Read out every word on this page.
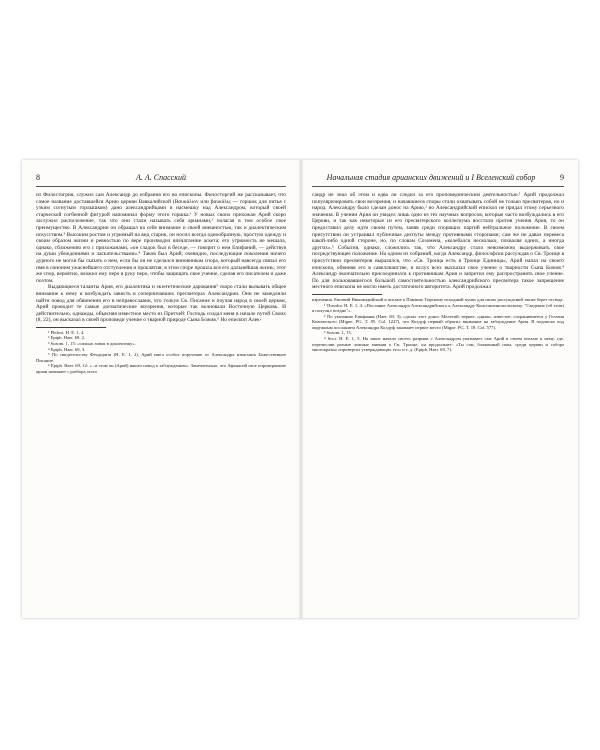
8	А. А. Спасский

из Филостогрия, служил сам Александр до избрания его во епископы. Филосторгий же рассказывает, что самое название доставшейся Арию церкви Вавкалийской (Βαυκάλιον или βαυκάλις — горшок для питья с узким согнутым горлышком) дано александрийцами в насмешку над Александром, который своей старческой согбенной фигурой напоминал форму этого горшка.¹ У новых своих прихожан Арий скоро заслужил расположение, так что они стали называть себя арианами,² полагая в том особое свое преимущество. В Александрии он обращал на себя внимание и своей внешностью, так и диалектическим искусством.³ Высоким ростом и угрюмый на вид старик, он носил всегда однообразную, простую одежду и своим образом жизни и ревностью по вере производил впечатление аскета; его угрюмость не мешала, однако, сближению его с прихожанами, «он сладок был в беседе, — говорит о нем Епифаний, — действуя на души убеждениями и ласкательствами».⁴ Таков был Арий; очевидно, последующие поколения ничего дурного не могли бы сказать о нем, если бы он не сделался виновником спора, который навсегда связал его имя в синоним ужаснейшего отступления и проклятия; в этом споре прошла вся его дальнейшая жизнь; этот же спор, вероятно, вложил ему перо в руку перо, чтобы защищать свое учение, сделав его писателем и даже поэтом.

Выдающиеся таланты Ария, его диалектика и экзегетические дарования⁵ скоро стали вызывать общее внимание к нему и возбуждать зависть в соперничавших пресвитерах Александрии. Они не замедлили найти повод для обвинения его в неправославии, что толкуя Св. Писание и поучая народ в своей церкви, Арий проводит те самые догматические воззрения, которые так волновали Восточную Церковь. И действительно, однажды, объясняя известное место из Притчей: Господь создал меня в начале путей Своих (8, 22), он высказал в своей проповеди учение о тварной природе Сына Божия.⁶ Но епископ Алек-

¹ Philost. H. E. 1, 4.
² Epiph. Haer. 69, 2.
³ Sozom. 1, 15: «сильно ловок в диалектику».
⁴ Epiph. Haer. 69, 3.
⁵ По свидетельству Феодорита (H. E. 1, 2), Арий имел особое поручение от Александра изъяснять Божественное Писание.
⁶ Epiph. Haer. 69, 12: «...в этом он (Арий) нашел повод к заблуждению». Замечательно, что Афанасий свое опровержение ариан начинает с разбора этого
Начальная стадия арианских движений и I Вселенский собор	9

сандр не знал об этом и едва ли следил за его проповедническим деятельностью.¹ Арий продолжал популяризировать свои воззрения, и начавшиеся споры стали охватывать собой не только пресвитеров, но и народ. Александру было сделан донос на Арию,² но Александрийский епископ не придал этому серьезного значения. В учении Ария он увидел лишь одно из тех научных вопросов, которые часто возбуждались в его Церкви, и так как некоторые из его пресвитерского коллегиума восстали против учения Ария, то он предоставил делу идти своим путем, заняв среди спорящих партий нейтральное положение. В своем присутствии он устраивал публичные диспуты между противными сторонами; сам же не давал перевеса какой-либо одной стороне, но, по словам Созомена, «колебался несколько, похваляя одних, а иногда других».³ События, однако, сложились так, что Александру стало невозможно выдерживать свое посредствующее положение. На одном из собраний, когда Александр, философски рассуждая о Св. Троице в присутствии пресвитеров выразился, что «Св. Троица есть в Троице Единица», Арий напал на своего епископа, обвиняя его в савеллианстве, и вслух всех высказал свое учение о тварности Сына Божия.⁴ Александр окончательно присоединился к противникам Ария и запретил ему распространять свое учение. По для пользовавшегося большой самостоятельностью александрийского пресвитера такое запрещение местного епископа не могло иметь достаточного авторитета. Арий продолжал

изречения. Евсевий Никомидийский в письме к Павлину Тирскому исходный пункт для своих рассуждений также берет отсюда.
¹ Theodor. H. E. 1, 4: «Послание Александра Александрийского к Александру Константинопольскому: "Сведение (об этом) я получил поздно"».
² По указанию Епифания (Haer. 69, 3), сделал этот донос Мелетий; вернее, однако, известие, сохранившееся у Гелазия Кизического (Migne. PG. T. 85. Col. 1227), что Колдуф первый обратил внимание на заблуждение Ария. В подписях под окружным посланием Александра Колдуф занимает первое место (Migne. PG. T. 18. Col. 577).
³ Sozom. 1, 15.
⁴ Socr. H. E. 1, 5. На такое начало своего разрыва с Александром указывает сам Арий в своем письме к нему, где, перечислив разные ложные мнения о Св. Троице, он продолжает: «Ты сам, блаженный папа, среди церкви и собора многократно опровергал утверждающих это» и т. д. (Epiph. Haer. 69, 7).
